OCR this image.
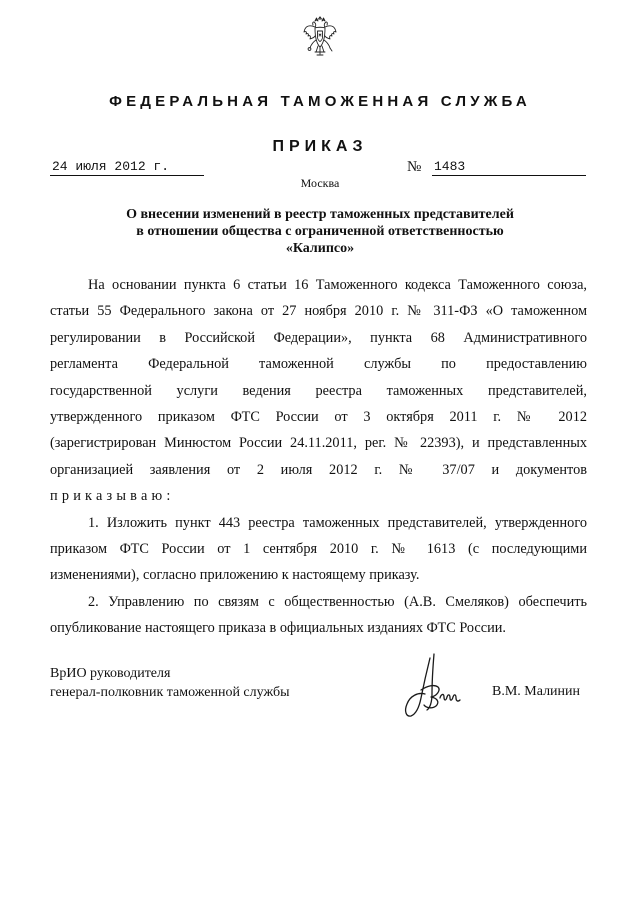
ФЕДЕРАЛЬНАЯ ТАМОЖЕННАЯ СЛУЖБА
ПРИКАЗ
24 июля 2012 г.	№ 1483
Москва
О внесении изменений в реестр таможенных представителей
в отношении общества с ограниченной ответственностью
«Калипсо»
На основании пункта 6 статьи 16 Таможенного кодекса Таможенного союза,
статьи 55 Федерального закона от 27 ноября 2010 г. № 311-ФЗ «О таможенном
регулировании в Российской Федерации», пункта 68 Административного
регламента Федеральной таможенной службы по предоставлению
государственной услуги ведения реестра таможенных представителей,
утвержденного приказом ФТС России от 3 октября 2011 г. № 2012
(зарегистрирован Минюстом России 24.11.2011, рег. № 22393), и представленных
организацией заявления от 2 июля 2012 г. № 37/07 и документов
приказываю:
1. Изложить пункт 443 реестра таможенных представителей, утвержденного
приказом ФТС России от 1 сентября 2010 г. № 1613 (с последующими
изменениями), согласно приложению к настоящему приказу.
2. Управлению по связям с общественностью (А.В. Смеляков) обеспечить
опубликование настоящего приказа в официальных изданиях ФТС России.
ВрИО руководителя
генерал-полковник таможенной службы	В.М. Малинин
